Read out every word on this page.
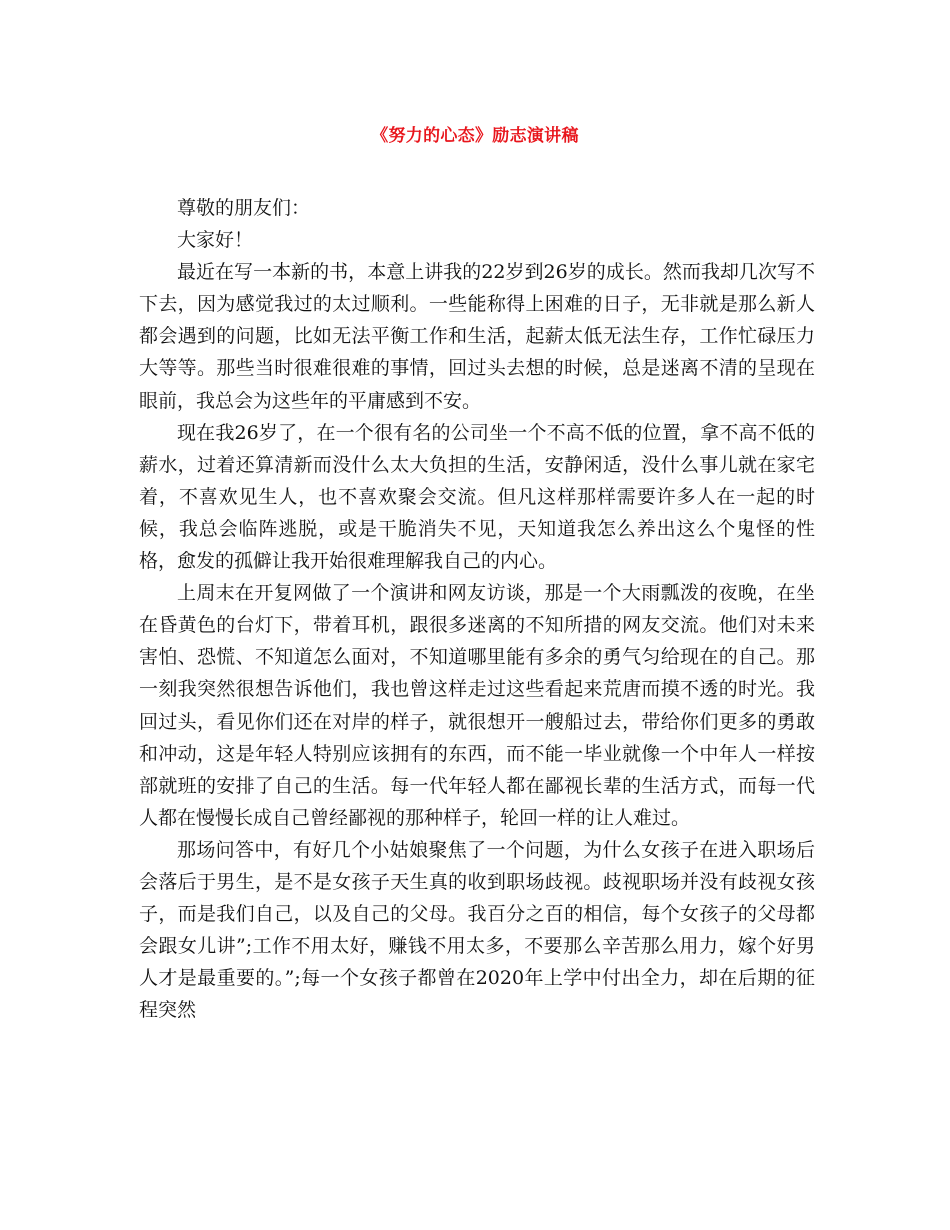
《努力的心态》励志演讲稿

尊敬的朋友们：

大家好！

最近在写一本新的书，本意上讲我的22岁到26岁的成长。然而我却几次写不下去，因为感觉我过的太过顺利。一些能称得上困难的日子，无非就是那么新人都会遇到的问题，比如无法平衡工作和生活，起薪太低无法生存，工作忙碌压力大等等。那些当时很难很难的事情，回过头去想的时候，总是迷离不清的呈现在眼前，我总会为这些年的平庸感到不安。

现在我26岁了，在一个很有名的公司坐一个不高不低的位置，拿不高不低的薪水，过着还算清新而没什么太大负担的生活，安静闲适，没什么事儿就在家宅着，不喜欢见生人，也不喜欢聚会交流。但凡这样那样需要许多人在一起的时候，我总会临阵逃脱，或是干脆消失不见，天知道我怎么养出这么个鬼怪的性格，愈发的孤僻让我开始很难理解我自己的内心。

上周末在开复网做了一个演讲和网友访谈，那是一个大雨瓢泼的夜晚，在坐在昏黄色的台灯下，带着耳机，跟很多迷离的不知所措的网友交流。他们对未来害怕、恐慌、不知道怎么面对，不知道哪里能有多余的勇气匀给现在的自己。那一刻我突然很想告诉他们，我也曾这样走过这些看起来荒唐而摸不透的时光。我回过头，看见你们还在对岸的样子，就很想开一艘船过去，带给你们更多的勇敢和冲动，这是年轻人特别应该拥有的东西，而不能一毕业就像一个中年人一样按部就班的安排了自己的生活。每一代年轻人都在鄙视长辈的生活方式，而每一代人都在慢慢长成自己曾经鄙视的那种样子，轮回一样的让人难过。

那场问答中，有好几个小姑娘聚焦了一个问题，为什么女孩子在进入职场后会落后于男生，是不是女孩子天生真的收到职场歧视。歧视职场并没有歧视女孩子，而是我们自己，以及自己的父母。我百分之百的相信，每个女孩子的父母都会跟女儿讲”;工作不用太好，赚钱不用太多，不要那么辛苦那么用力，嫁个好男人才是最重要的。”;每一个女孩子都曾在2020年上学中付出全力，却在后期的征程突然
